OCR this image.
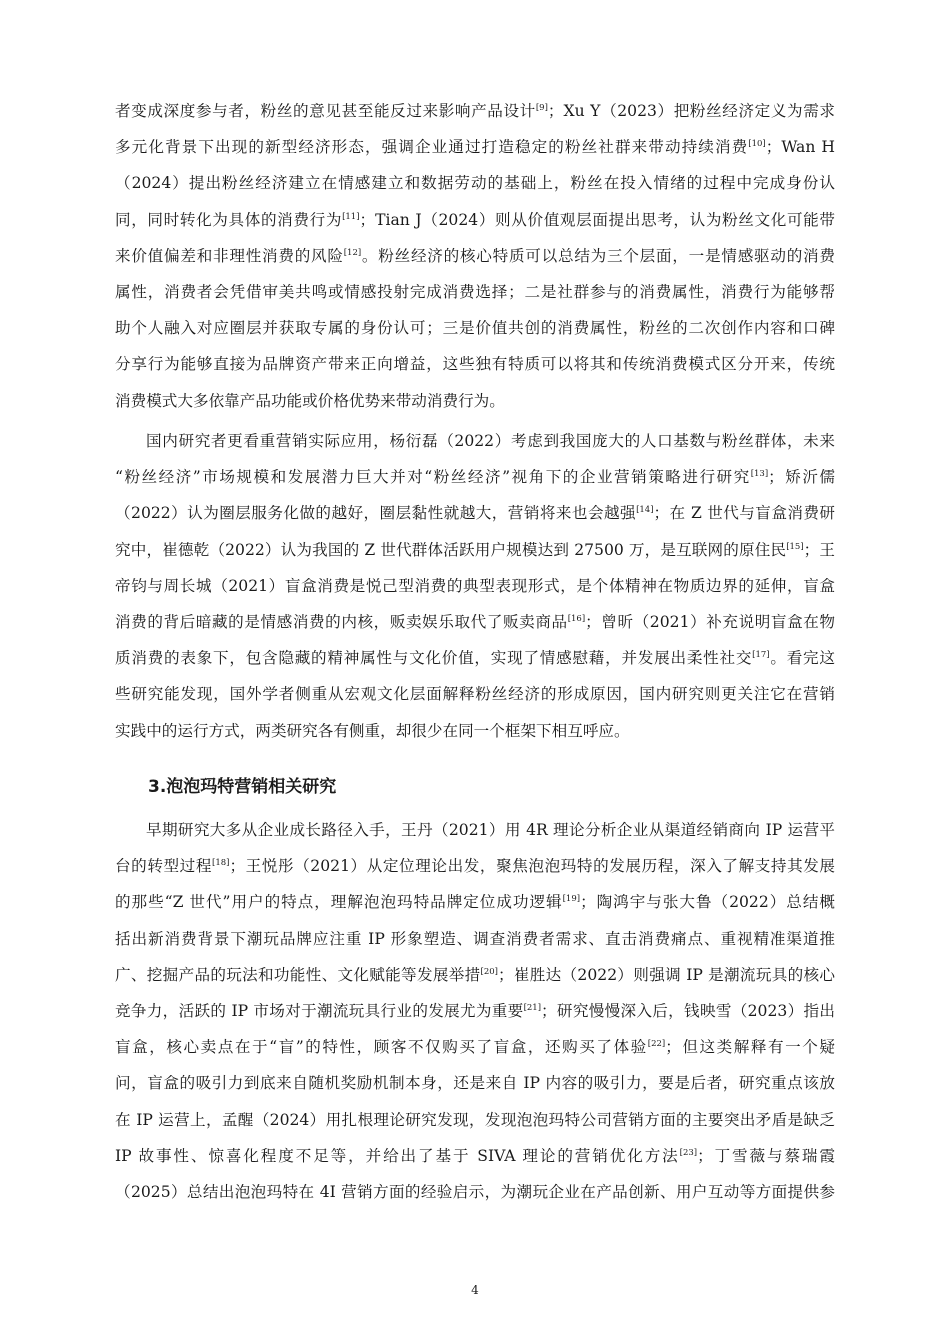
者变成深度参与者，粉丝的意见甚至能反过来影响产品设计[9]；Xu Y（2023）把粉丝经济定义为需求
多元化背景下出现的新型经济形态，强调企业通过打造稳定的粉丝社群来带动持续消费[10]；Wan H
（2024）提出粉丝经济建立在情感建立和数据劳动的基础上，粉丝在投入情绪的过程中完成身份认
同，同时转化为具体的消费行为[11]；Tian J（2024）则从价值观层面提出思考，认为粉丝文化可能带
来价值偏差和非理性消费的风险[12]。粉丝经济的核心特质可以总结为三个层面，一是情感驱动的消费
属性，消费者会凭借审美共鸣或情感投射完成消费选择；二是社群参与的消费属性，消费行为能够帮
助个人融入对应圈层并获取专属的身份认可；三是价值共创的消费属性，粉丝的二次创作内容和口碑
分享行为能够直接为品牌资产带来正向增益，这些独有特质可以将其和传统消费模式区分开来，传统
消费模式大多依靠产品功能或价格优势来带动消费行为。
国内研究者更看重营销实际应用，杨衍磊（2022）考虑到我国庞大的人口基数与粉丝群体，未来
“粉丝经济”市场规模和发展潜力巨大并对“粉丝经济”视角下的企业营销策略进行研究[13]；矫沂儒
（2022）认为圈层服务化做的越好，圈层黏性就越大，营销将来也会越强[14]；在 Z 世代与盲盒消费研
究中，崔德乾（2022）认为我国的 Z 世代群体活跃用户规模达到 27500 万，是互联网的原住民[15]；王
帝钧与周长城（2021）盲盒消费是悦己型消费的典型表现形式，是个体精神在物质边界的延伸，盲盒
消费的背后暗藏的是情感消费的内核，贩卖娱乐取代了贩卖商品[16]；曾昕（2021）补充说明盲盒在物
质消费的表象下，包含隐藏的精神属性与文化价值，实现了情感慰藉，并发展出柔性社交[17]。看完这
些研究能发现，国外学者侧重从宏观文化层面解释粉丝经济的形成原因，国内研究则更关注它在营销
实践中的运行方式，两类研究各有侧重，却很少在同一个框架下相互呼应。
3.泡泡玛特营销相关研究
早期研究大多从企业成长路径入手，王丹（2021）用 4R 理论分析企业从渠道经销商向 IP 运营平
台的转型过程[18]；王悦彤（2021）从定位理论出发，聚焦泡泡玛特的发展历程，深入了解支持其发展
的那些“Z 世代”用户的特点，理解泡泡玛特品牌定位成功逻辑[19]；陶鸿宇与张大鲁（2022）总结概
括出新消费背景下潮玩品牌应注重 IP 形象塑造、调查消费者需求、直击消费痛点、重视精准渠道推
广、挖掘产品的玩法和功能性、文化赋能等发展举措[20]；崔胜达（2022）则强调 IP 是潮流玩具的核心
竞争力，活跃的 IP 市场对于潮流玩具行业的发展尤为重要[21]；研究慢慢深入后，钱映雪（2023）指出
盲盒，核心卖点在于“盲”的特性，顾客不仅购买了盲盒，还购买了体验[22]；但这类解释有一个疑
问，盲盒的吸引力到底来自随机奖励机制本身，还是来自 IP 内容的吸引力，要是后者，研究重点该放
在 IP 运营上，孟醒（2024）用扎根理论研究发现，发现泡泡玛特公司营销方面的主要突出矛盾是缺乏
IP 故事性、惊喜化程度不足等，并给出了基于 SIVA 理论的营销优化方法[23]；丁雪薇与蔡瑞霞
（2025）总结出泡泡玛特在 4I 营销方面的经验启示，为潮玩企业在产品创新、用户互动等方面提供参
4
